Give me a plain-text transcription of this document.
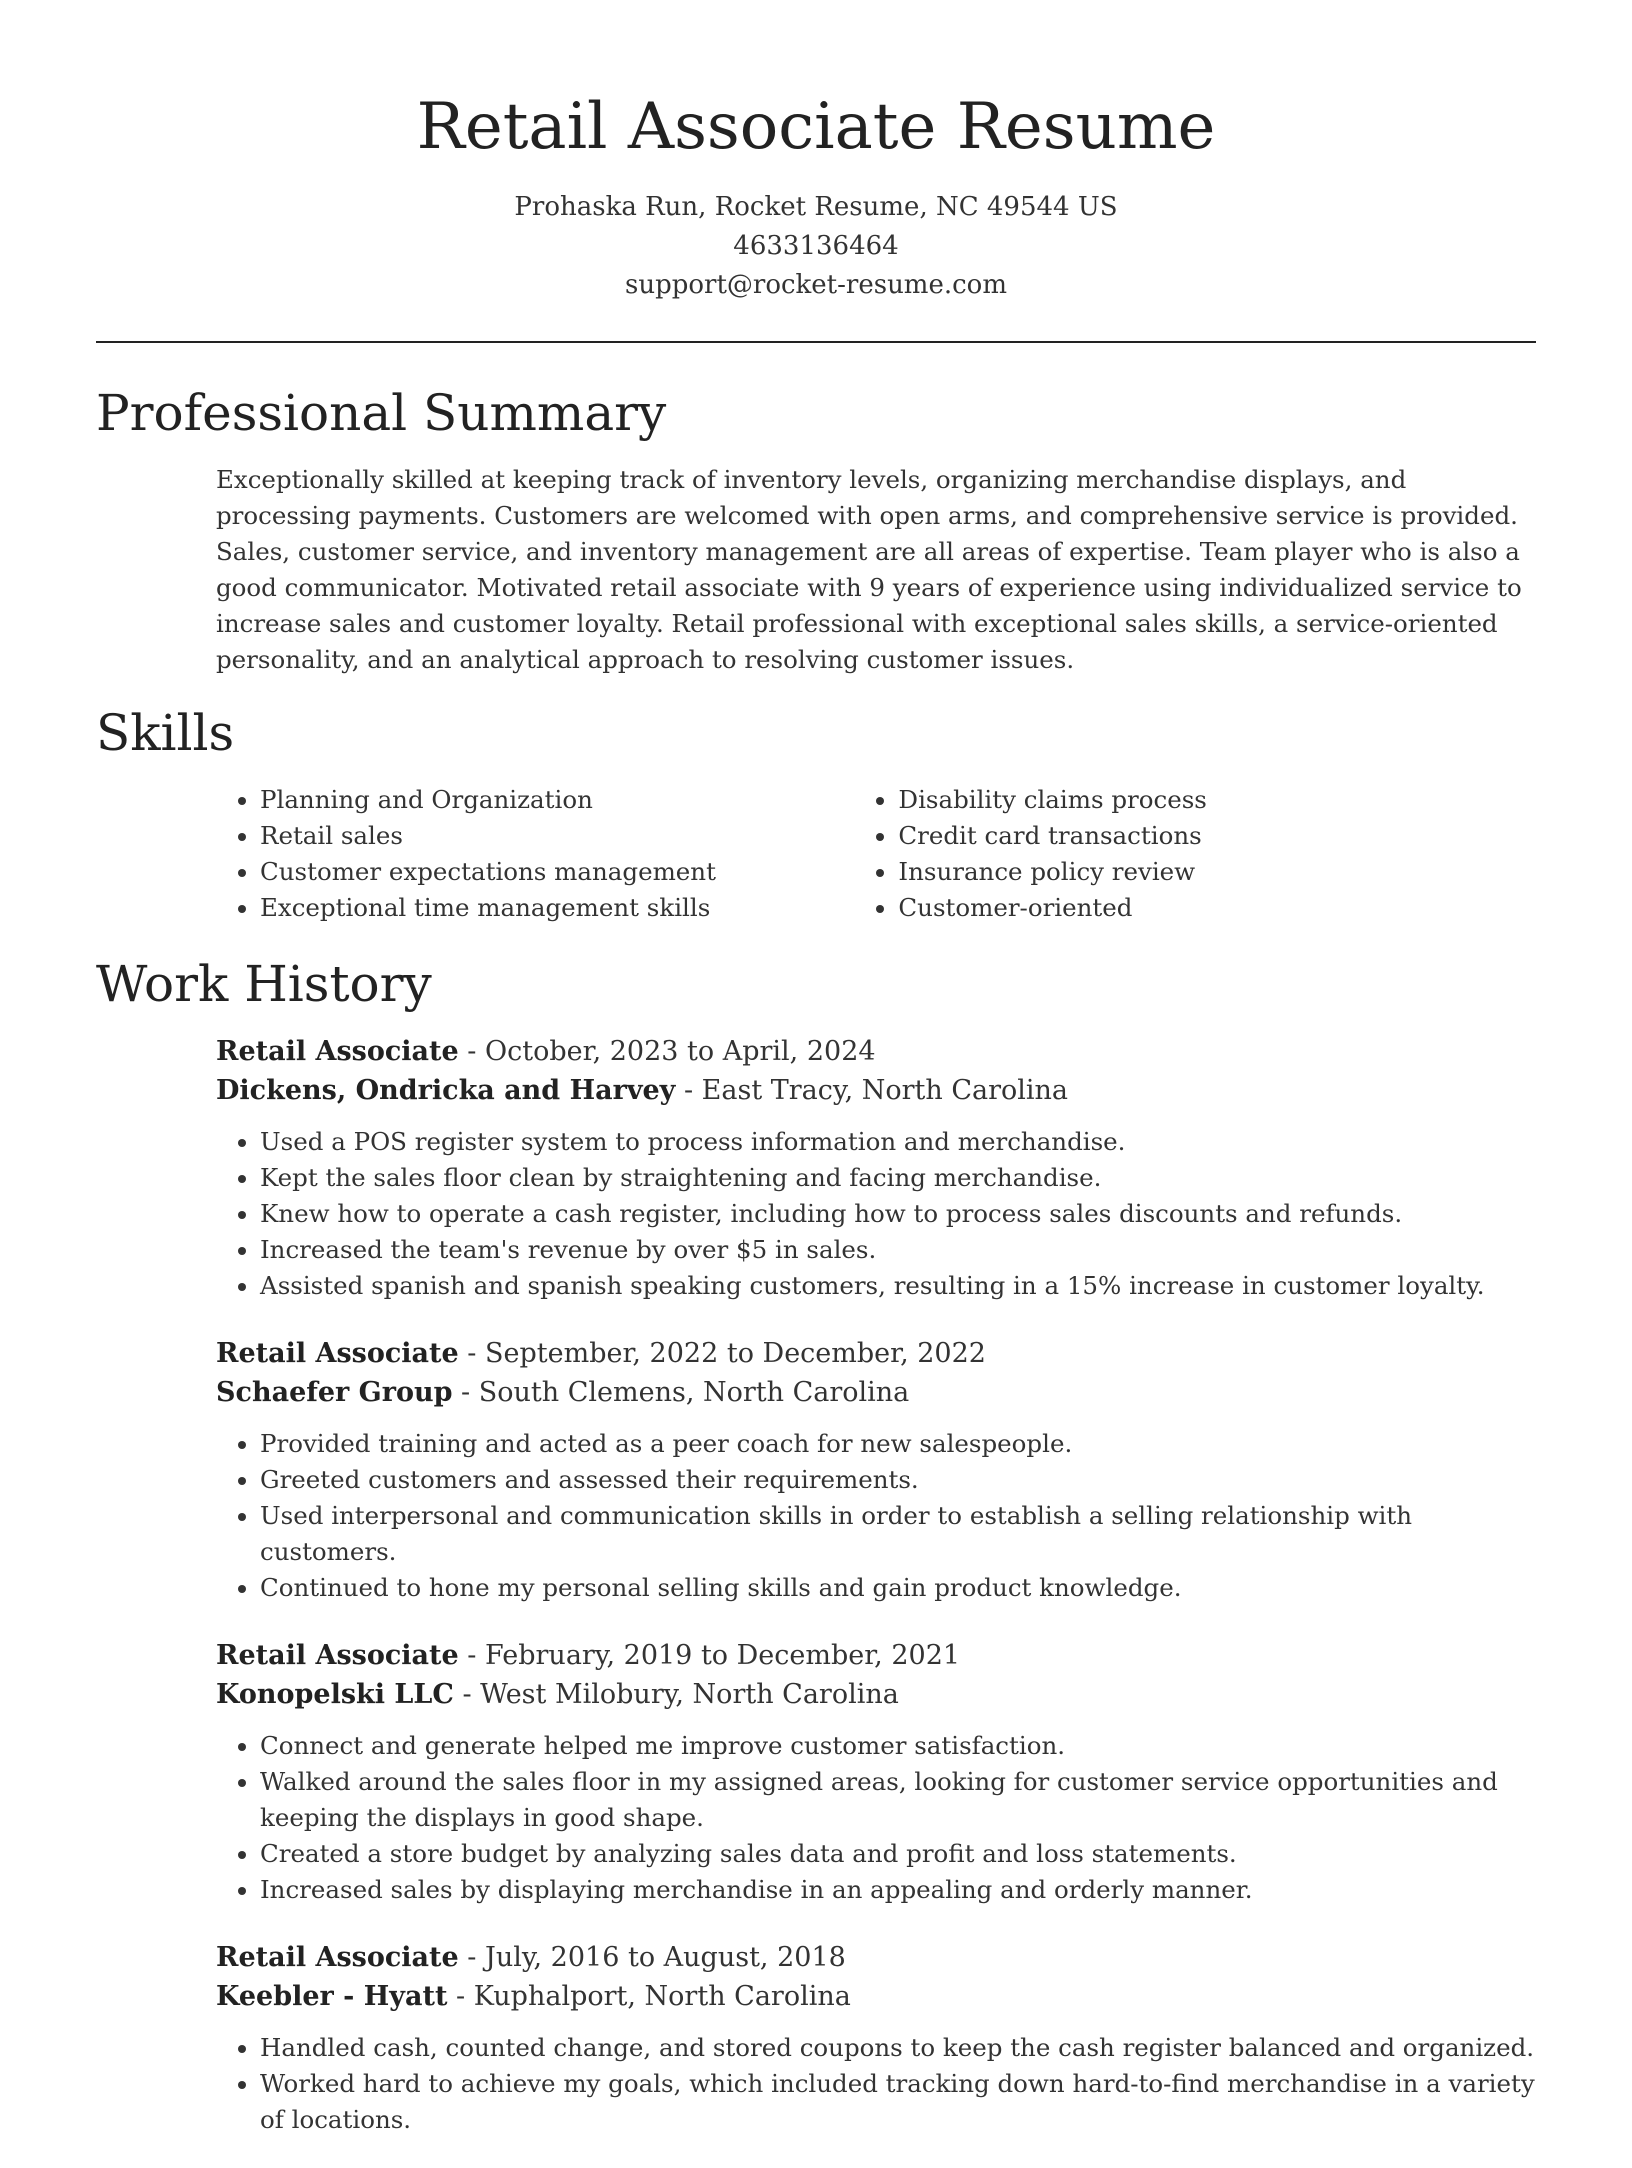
Retail Associate Resume
Prohaska Run, Rocket Resume, NC 49544 US
4633136464
support@rocket-resume.com
Professional Summary

Exceptionally skilled at keeping track of inventory levels, organizing merchandise displays, and processing payments. Customers are welcomed with open arms, and comprehensive service is provided. Sales, customer service, and inventory management are all areas of expertise. Team player who is also a good communicator. Motivated retail associate with 9 years of experience using individualized service to increase sales and customer loyalty. Retail professional with exceptional sales skills, a service-oriented personality, and an analytical approach to resolving customer issues.

Skills
• Planning and Organization
• Retail sales
• Customer expectations management
• Exceptional time management skills
• Disability claims process
• Credit card transactions
• Insurance policy review
• Customer-oriented
Work History
Retail Associate - October, 2023 to April, 2024
Dickens, Ondricka and Harvey - East Tracy, North Carolina
• Used a POS register system to process information and merchandise.
• Kept the sales floor clean by straightening and facing merchandise.
• Knew how to operate a cash register, including how to process sales discounts and refunds.
• Increased the team's revenue by over $5 in sales.
• Assisted spanish and spanish speaking customers, resulting in a 15% increase in customer loyalty.
Retail Associate - September, 2022 to December, 2022
Schaefer Group - South Clemens, North Carolina
• Provided training and acted as a peer coach for new salespeople.
• Greeted customers and assessed their requirements.
• Used interpersonal and communication skills in order to establish a selling relationship with customers.
• Continued to hone my personal selling skills and gain product knowledge.
Retail Associate - February, 2019 to December, 2021
Konopelski LLC - West Milobury, North Carolina
• Connect and generate helped me improve customer satisfaction.
• Walked around the sales floor in my assigned areas, looking for customer service opportunities and keeping the displays in good shape.
• Created a store budget by analyzing sales data and profit and loss statements.
• Increased sales by displaying merchandise in an appealing and orderly manner.
Retail Associate - July, 2016 to August, 2018
Keebler - Hyatt - Kuphalport, North Carolina
• Handled cash, counted change, and stored coupons to keep the cash register balanced and organized.
• Worked hard to achieve my goals, which included tracking down hard-to-find merchandise in a variety of locations.
